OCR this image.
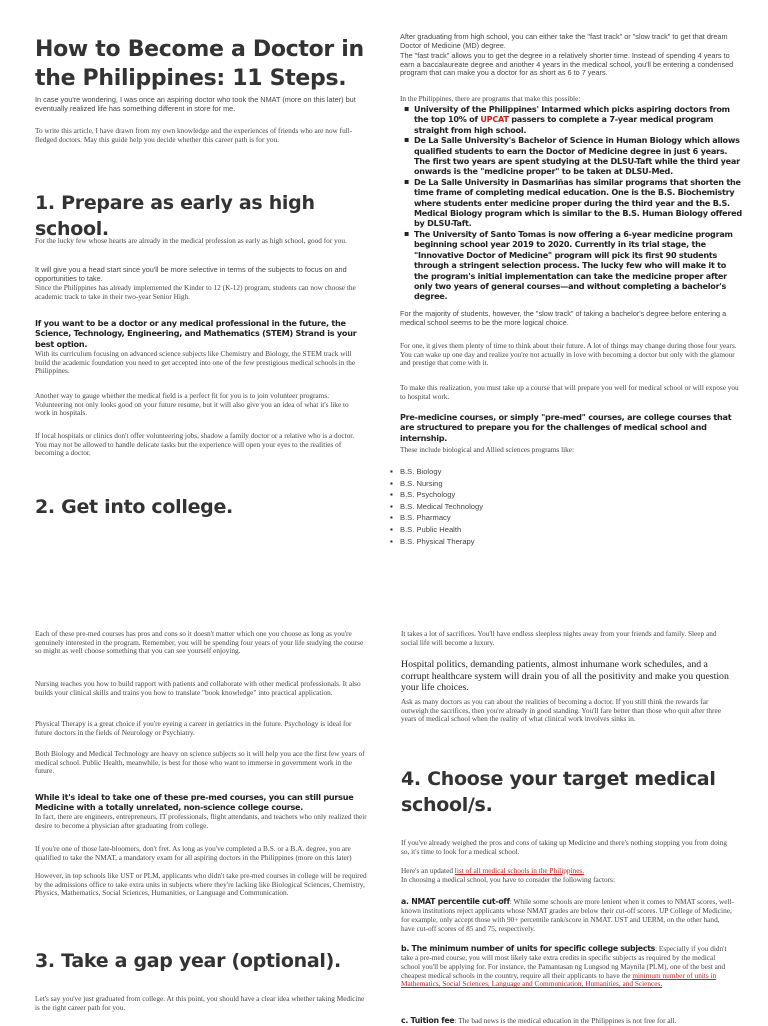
How to Become a Doctor in the Philippines: 11 Steps.

In case you're wondering, I was once an aspiring doctor who took the NMAT (more on this later) but eventually realized life has something different in store for me.

To write this article, I have drawn from my own knowledge and the experiences of friends who are now full-fledged doctors. May this guide help you decide whether this career path is for you.

1. Prepare as early as high school.

For the lucky few whose hearts are already in the medical profession as early as high school, good for you.

It will give you a head start since you'll be more selective in terms of the subjects to focus on and opportunities to take.

Since the Philippines has already implemented the Kinder to 12 (K-12) program, students can now choose the academic track to take in their two-year Senior High.

If you want to be a doctor or any medical professional in the future, the Science, Technology, Engineering, and Mathematics (STEM) Strand is your best option.

With its curriculum focusing on advanced science subjects like Chemistry and Biology, the STEM track will build the academic foundation you need to get accepted into one of the few prestigious medical schools in the Philippines.

Another way to gauge whether the medical field is a perfect fit for you is to join volunteer programs. Volunteering not only looks good on your future resume, but it will also give you an idea of what it's like to work in hospitals.

If local hospitals or clinics don't offer volunteering jobs, shadow a family doctor or a relative who is a doctor. You may not be allowed to handle delicate tasks but the experience will open your eyes to the realities of becoming a doctor.

2. Get into college.

After graduating from high school, you can either take the "fast track" or "slow track" to get that dream Doctor of Medicine (MD) degree.

The "fast track" allows you to get the degree in a relatively shorter time. Instead of spending 4 years to earn a baccalaureate degree and another 4 years in the medical school, you'll be entering a condensed program that can make you a doctor for as short as 6 to 7 years.

In the Philippines, there are programs that make this possible:

▪ University of the Philippines' Intarmed which picks aspiring doctors from the top 10% of UPCAT passers to complete a 7-year medical program straight from high school.
▪ De La Salle University's Bachelor of Science in Human Biology which allows qualified students to earn the Doctor of Medicine degree in just 6 years. The first two years are spent studying at the DLSU-Taft while the third year onwards is the "medicine proper" to be taken at DLSU-Med.
▪ De La Salle University in Dasmariñas has similar programs that shorten the time frame of completing medical education. One is the B.S. Biochemistry where students enter medicine proper during the third year and the B.S. Medical Biology program which is similar to the B.S. Human Biology offered by DLSU-Taft.
▪ The University of Santo Tomas is now offering a 6-year medicine program beginning school year 2019 to 2020. Currently in its trial stage, the "Innovative Doctor of Medicine" program will pick its first 90 students through a stringent selection process. The lucky few who will make it to the program's initial implementation can take the medicine proper after only two years of general courses—and without completing a bachelor's degree.

For the majority of students, however, the "slow track" of taking a bachelor's degree before entering a medical school seems to be the more logical choice.

For one, it gives them plenty of time to think about their future. A lot of things may change during those four years. You can wake up one day and realize you're not actually in love with becoming a doctor but only with the glamour and prestige that come with it.

To make this realization, you must take up a course that will prepare you well for medical school or will expose you to hospital work.

Pre-medicine courses, or simply "pre-med" courses, are college courses that are structured to prepare you for the challenges of medical school and internship.

These include biological and Allied sciences programs like:

▪ B.S. Biology
▪ B.S. Nursing
▪ B.S. Psychology
▪ B.S. Medical Technology
▪ B.S. Pharmacy
▪ B.S. Public Health
▪ B.S. Physical Therapy

Each of these pre-med courses has pros and cons so it doesn't matter which one you choose as long as you're genuinely interested in the program. Remember, you will be spending four years of your life studying the course so might as well choose something that you can see yourself enjoying.

Nursing teaches you how to build rapport with patients and collaborate with other medical professionals. It also builds your clinical skills and trains you how to translate "book knowledge" into practical application.

Physical Therapy is a great choice if you're eyeing a career in geriatrics in the future. Psychology is ideal for future doctors in the fields of Neurology or Psychiatry.

Both Biology and Medical Technology are heavy on science subjects so it will help you ace the first few years of medical school. Public Health, meanwhile, is best for those who want to immerse in government work in the future.

While it's ideal to take one of these pre-med courses, you can still pursue Medicine with a totally unrelated, non-science college course.

In fact, there are engineers, entrepreneurs, IT professionals, flight attendants, and teachers who only realized their desire to become a physician after graduating from college.

If you're one of those late-bloomers, don't fret. As long as you've completed a B.S. or a B.A. degree, you are qualified to take the NMAT, a mandatory exam for all aspiring doctors in the Philippines (more on this later)

However, in top schools like UST or PLM, applicants who didn't take pre-med courses in college will be required by the admissions office to take extra units in subjects where they're lacking like Biological Sciences, Chemistry, Physics, Mathematics, Social Sciences, Humanities, or Language and Communication.

3. Take a gap year (optional).

Let's say you've just graduated from college. At this point, you should have a clear idea whether taking Medicine is the right career path for you.

It takes a lot of sacrifices. You'll have endless sleepless nights away from your friends and family. Sleep and social life will become a luxury.

Hospital politics, demanding patients, almost inhumane work schedules, and a corrupt healthcare system will drain you of all the positivity and make you question your life choices.

Ask as many doctors as you can about the realities of becoming a doctor. If you still think the rewards far outweigh the sacrifices, then you're already in good standing. You'll fare better than those who quit after three years of medical school when the reality of what clinical work involves sinks in.

4. Choose your target medical school/s.

If you've already weighed the pros and cons of taking up Medicine and there's nothing stopping you from doing so, it's time to look for a medical school.

Here's an updated list of all medical schools in the Philippines.

In choosing a medical school, you have to consider the following factors:

a. NMAT percentile cut-off: While some schools are more lenient when it comes to NMAT scores, well-known institutions reject applicants whose NMAT grades are below their cut-off scores. UP College of Medicine, for example, only accept those with 90+ percentile rank/score in NMAT. UST and UERM, on the other hand, have cut-off scores of 85 and 75, respectively.

b. The minimum number of units for specific college subjects: Especially if you didn't take a pre-med course, you will most likely take extra credits in specific subjects as required by the medical school you'll be applying for. For instance, the Pamantasan ng Lungsod ng Maynila (PLM), one of the best and cheapest medical schools in the country, require all their applicants to have the minimum number of units in Mathematics, Social Sciences, Language and Communication, Humanities, and Sciences.

c. Tuition fee: The bad news is the medical education in the Philippines is not free for all.
